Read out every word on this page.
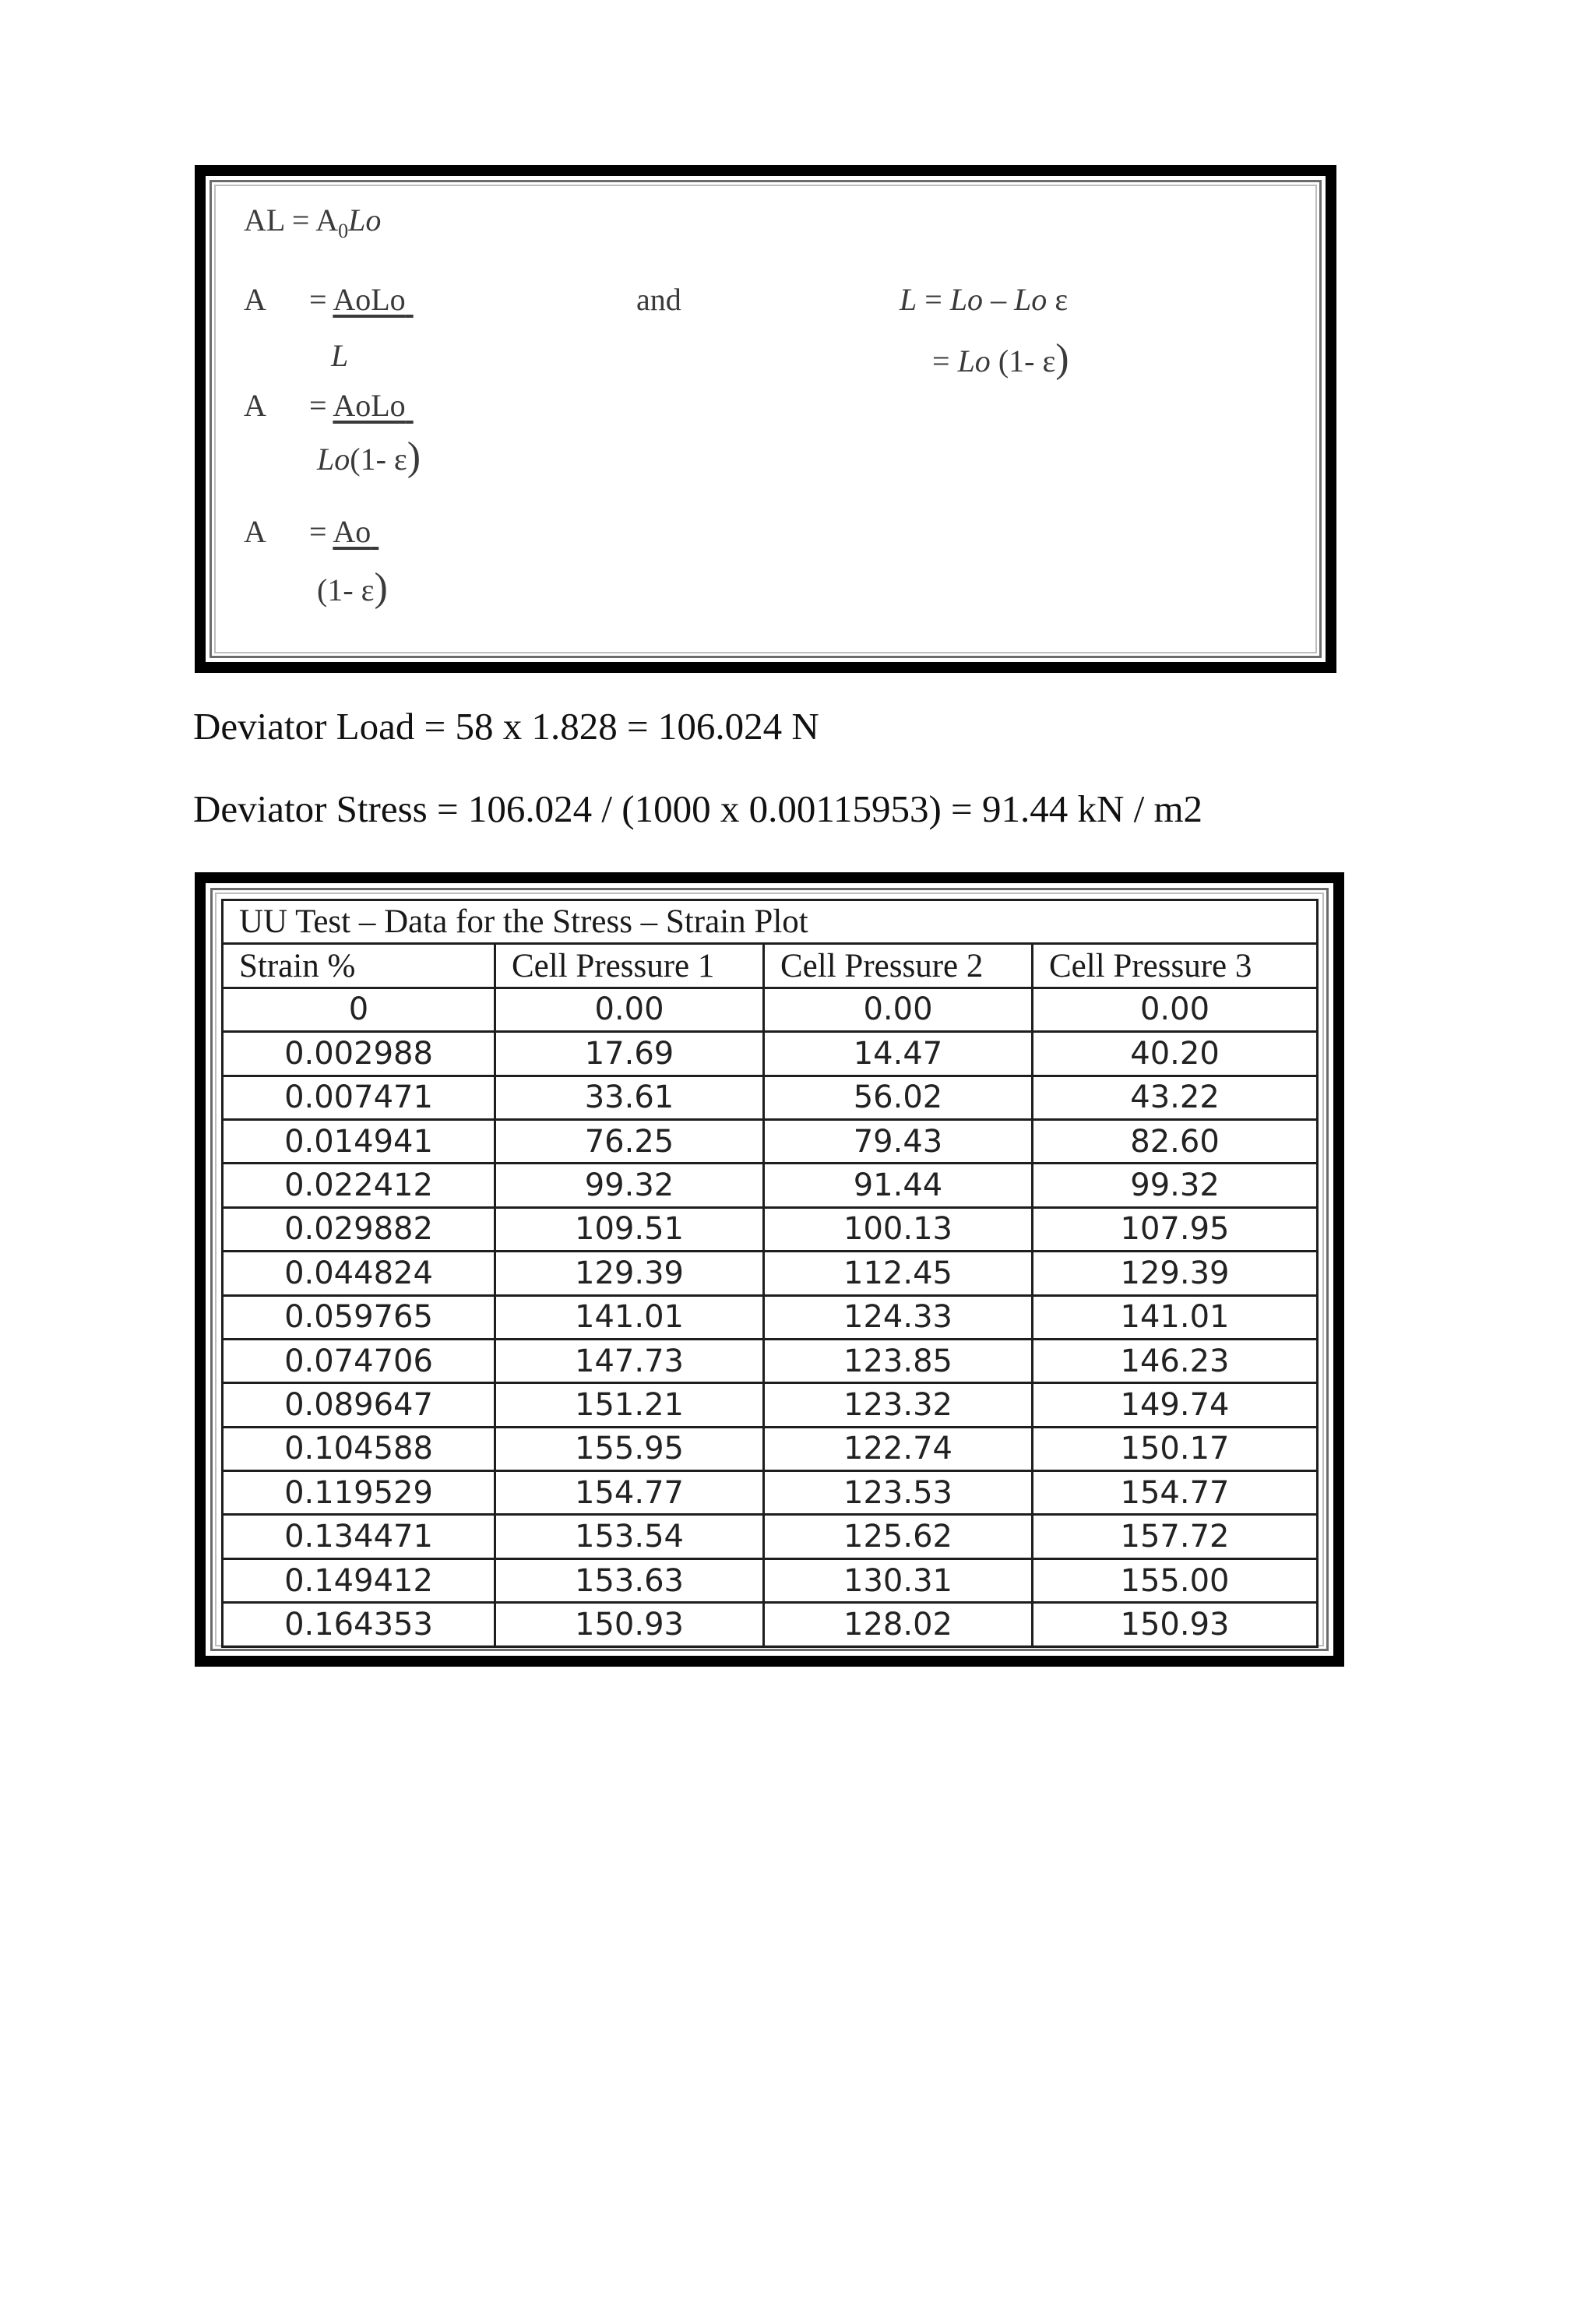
AL = $A_0Lo$
A = AoLo
L
A = AoLo
Lo(1- ε)
A = Ao
(1- ε)
and	L = Lo – Lo ε
= Lo (1- ε)
Deviator Load = 58 x 1.828 = 106.024 N
Deviator Stress = 106.024 / (1000 x 0.00115953) = 91.44 kN / m2
UU Test – Data for the Stress – Strain Plot			
Strain %	Cell Pressure 1	Cell Pressure 2	Cell Pressure 3
0	0.00	0.00	0.00
0.002988	17.69	14.47	40.20
0.007471	33.61	56.02	43.22
0.014941	76.25	79.43	82.60
0.022412	99.32	91.44	99.32
0.029882	109.51	100.13	107.95
0.044824	129.39	112.45	129.39
0.059765	141.01	124.33	141.01
0.074706	147.73	123.85	146.23
0.089647	151.21	123.32	149.74
0.104588	155.95	122.74	150.17
0.119529	154.77	123.53	154.77
0.134471	153.54	125.62	157.72
0.149412	153.63	130.31	155.00
0.164353	150.93	128.02	150.93
